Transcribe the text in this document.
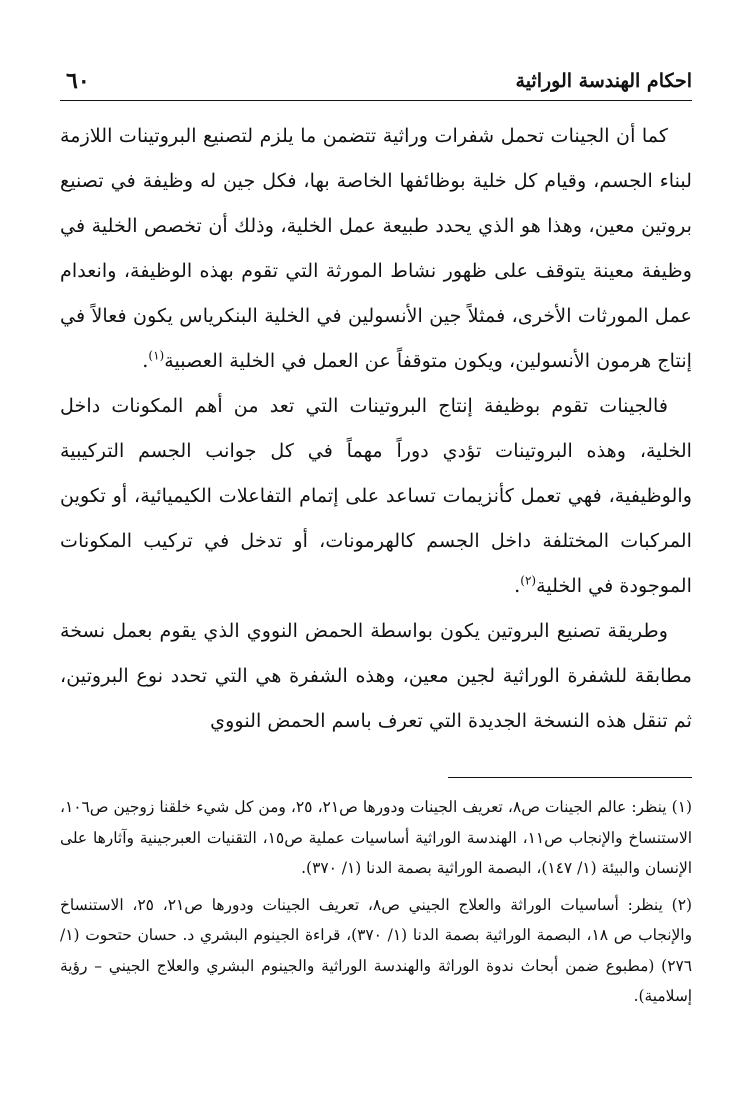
احكام الهندسة الوراثية
٦٠

كما أن الجينات تحمل شفرات وراثية تتضمن ما يلزم لتصنيع البروتينات اللازمة لبناء الجسم، وقيام كل خلية بوظائفها الخاصة بها، فكل جين له وظيفة في تصنيع بروتين معين، وهذا هو الذي يحدد طبيعة عمل الخلية، وذلك أن تخصص الخلية في وظيفة معينة يتوقف على ظهور نشاط المورثة التي تقوم بهذه الوظيفة، وانعدام عمل المورثات الأخرى، فمثلاً جين الأنسولين في الخلية البنكرياس يكون فعالاً في إنتاج هرمون الأنسولين، ويكون متوقفاً عن العمل في الخلية العصبية$^{(١)}$.

فالجينات تقوم بوظيفة إنتاج البروتينات التي تعد من أهم المكونات داخل الخلية، وهذه البروتينات تؤدي دوراً مهماً في كل جوانب الجسم التركيبية والوظيفية، فهي تعمل كأنزيمات تساعد على إتمام التفاعلات الكيميائية، أو تكوين المركبات المختلفة داخل الجسم كالهرمونات، أو تدخل في تركيب المكونات الموجودة في الخلية$^{(٢)}$.

وطريقة تصنيع البروتين يكون بواسطة الحمض النووي الذي يقوم بعمل نسخة مطابقة للشفرة الوراثية لجين معين، وهذه الشفرة هي التي تحدد نوع البروتين، ثم تنقل هذه النسخة الجديدة التي تعرف باسم الحمض النووي

(١) ينظر: عالم الجينات ص٨، تعريف الجينات ودورها ص٢١، ٢٥، ومن كل شيء خلقنا زوجين ص١٠٦، الاستنساخ والإنجاب ص١١، الهندسة الوراثية أساسيات عملية ص١٥، التقنيات العبرجينية وآثارها على الإنسان والبيئة (١/ ١٤٧)، البصمة الوراثية بصمة الدنا (١/ ٣٧٠).

(٢) ينظر: أساسيات الوراثة والعلاج الجيني ص٨، تعريف الجينات ودورها ص٢١، ٢٥، الاستنساخ والإنجاب ص ١٨، البصمة الوراثية بصمة الدنا (١/ ٣٧٠)، قراءة الجينوم البشري د. حسان حتحوت (١/ ٢٧٦) (مطبوع ضمن أبحاث ندوة الوراثة والهندسة الوراثية والجينوم البشري والعلاج الجيني – رؤية إسلامية).
